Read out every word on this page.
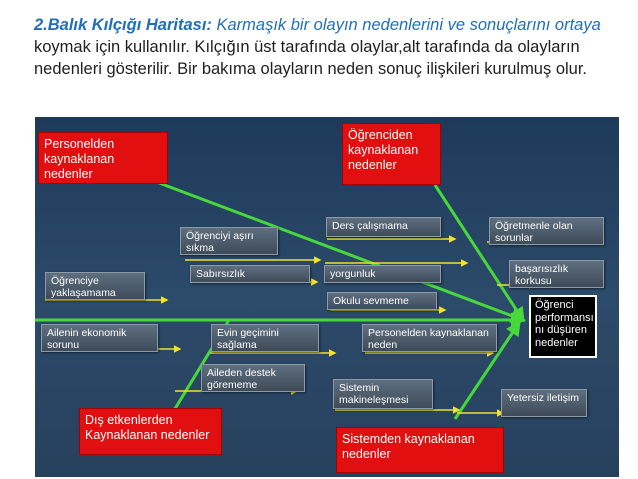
2.Balık Kılçığı Haritası: Karmaşık bir olayın nedenlerini ve sonuçlarını ortaya koymak için kullanılır. Kılçığın üst tarafında olaylar,alt tarafında da olayların nedenleri gösterilir. Bir bakıma olayların neden sonuç ilişkileri kurulmuş olur.

Personelden kaynaklanan nedenler
Öğrenciden kaynaklanan nedenler
Dış etkenlerden Kaynaklanan nedenler	Sistemden kaynaklanan nedenler
Öğrenci performansı nı düşüren nedenler
Öğrenciyi aşırı sıkma
Ders çalışmama	Öğretmenle olan sorunlar
Sabırsızlık	yorgunluk	başarısızlık korkusu
Öğrenciye yaklaşamama
Okulu sevmeme
Ailenin ekonomik sorunu
Evin geçimini sağlama
Personelden kaynaklanan neden
Aileden destek görememe	Sistemin makineleşmesi	Yetersiz iletişim
